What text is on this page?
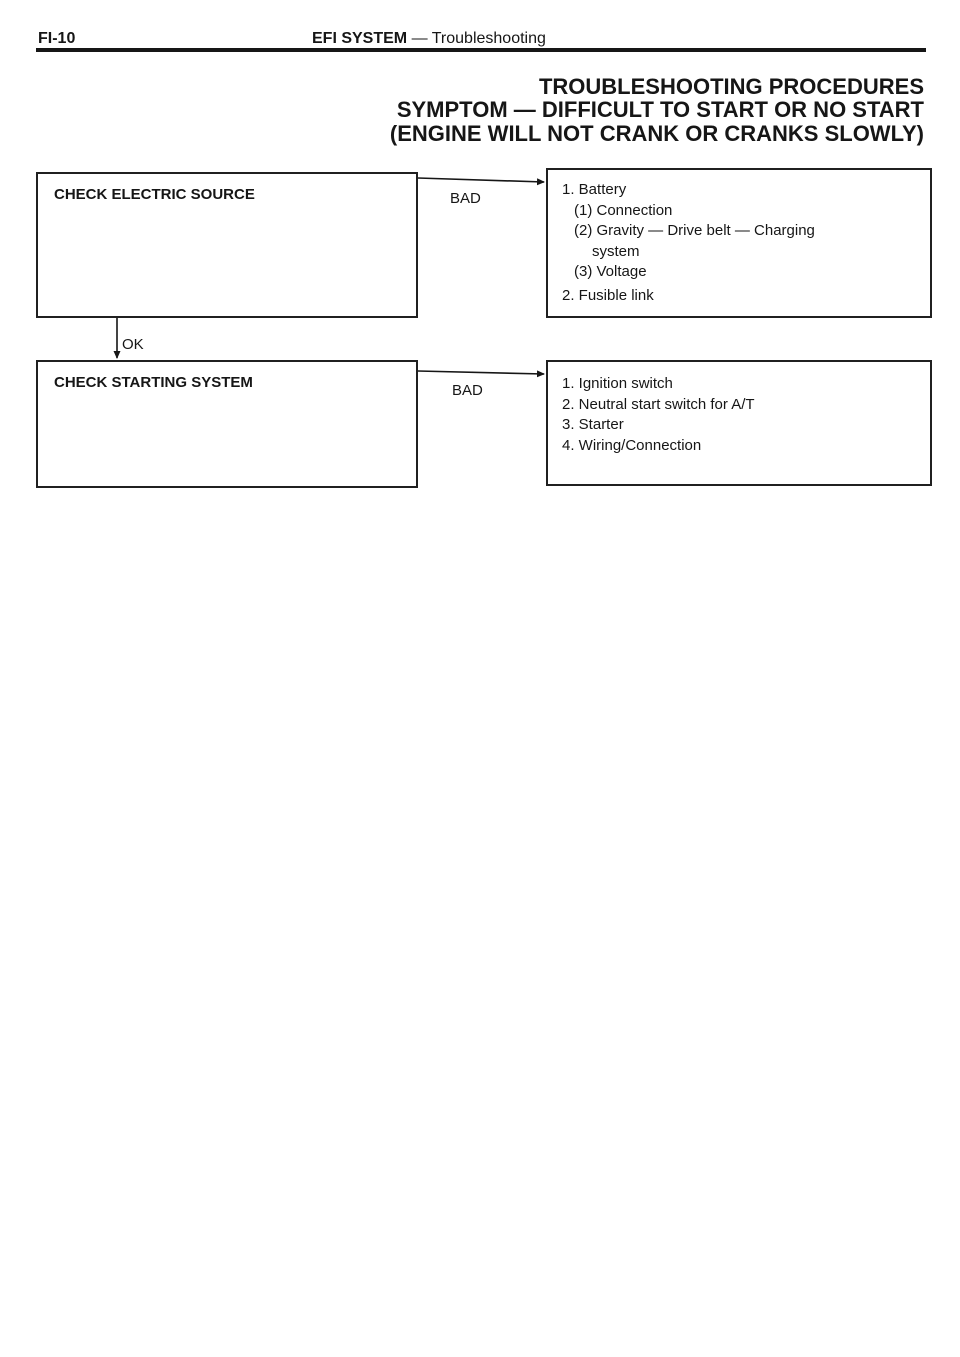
FI-10	EFI SYSTEM — Troubleshooting
TROUBLESHOOTING PROCEDURES
SYMPTOM — DIFFICULT TO START OR NO START
(ENGINE WILL NOT CRANK OR CRANKS SLOWLY)
CHECK ELECTRIC SOURCE	BAD
1. Battery
(1) Connection
(2) Gravity — Drive belt — Charging
system
(3) Voltage
2. Fusible link
OK
CHECK STARTING SYSTEM	BAD	1. Ignition switch
2. Neutral start switch for A/T
3. Starter
4. Wiring/Connection
